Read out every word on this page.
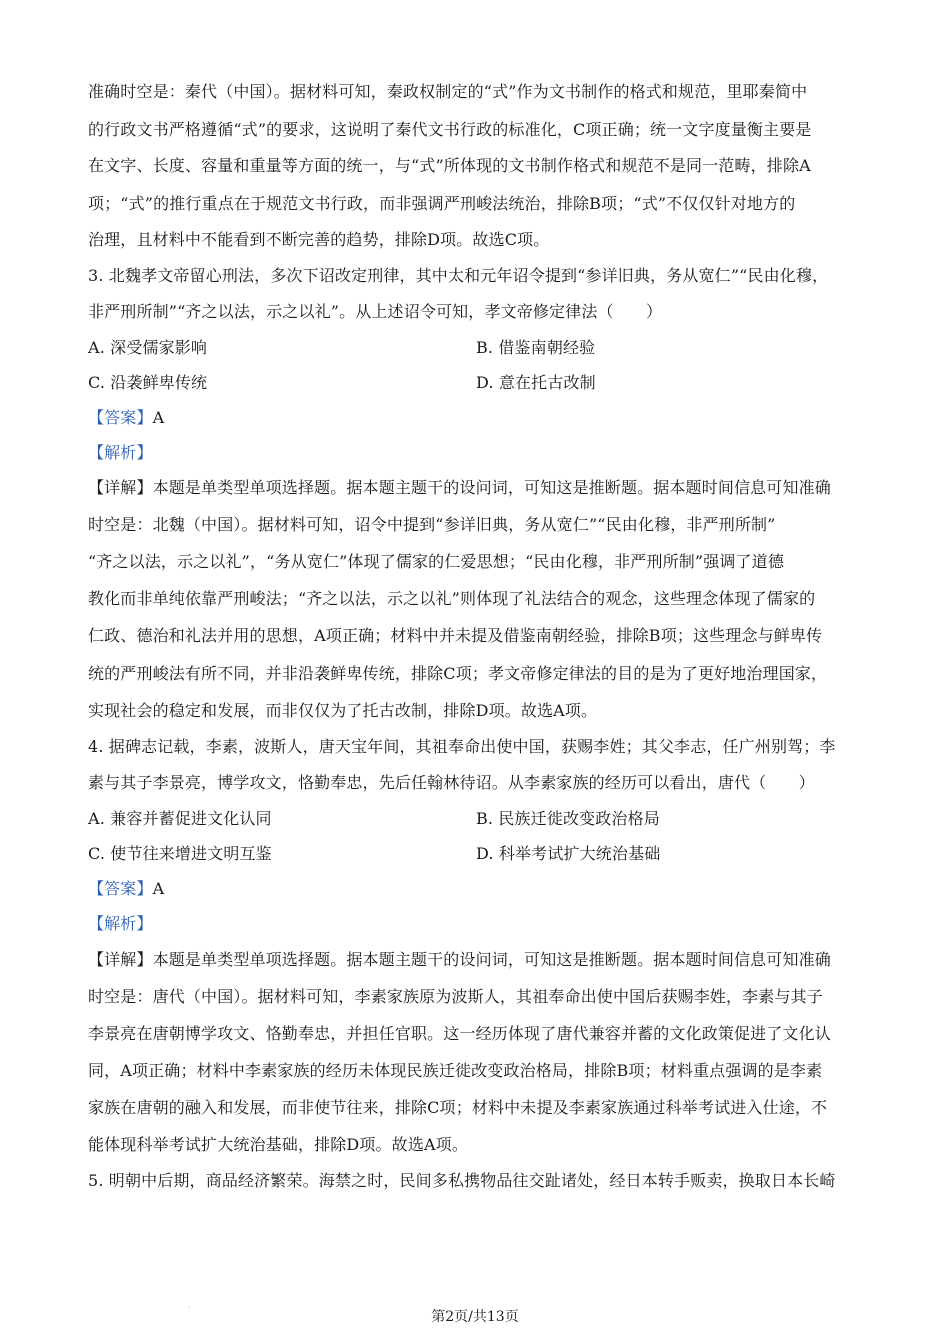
准确时空是：秦代（中国）。据材料可知，秦政权制定的“式”作为文书制作的格式和规范，里耶秦简中
的行政文书严格遵循“式”的要求，这说明了秦代文书行政的标准化，C项正确；统一文字度量衡主要是
在文字、长度、容量和重量等方面的统一，与“式”所体现的文书制作格式和规范不是同一范畴，排除A
项；“式”的推行重点在于规范文书行政，而非强调严刑峻法统治，排除B项；“式”不仅仅针对地方的
治理，且材料中不能看到不断完善的趋势，排除D项。故选C项。
3. 北魏孝文帝留心刑法，多次下诏改定刑律，其中太和元年诏令提到“参详旧典，务从宽仁”“民由化穆，
非严刑所制”“齐之以法，示之以礼”。从上述诏令可知，孝文帝修定律法（　　）
A. 深受儒家影响	B. 借鉴南朝经验
C. 沿袭鲜卑传统	D. 意在托古改制
【答案】A
【解析】
【详解】本题是单类型单项选择题。据本题主题干的设问词，可知这是推断题。据本题时间信息可知准确
时空是：北魏（中国）。据材料可知，诏令中提到“参详旧典，务从宽仁”“民由化穆，非严刑所制”
“齐之以法，示之以礼”，“务从宽仁”体现了儒家的仁爱思想；“民由化穆，非严刑所制”强调了道德
教化而非单纯依靠严刑峻法；“齐之以法，示之以礼”则体现了礼法结合的观念，这些理念体现了儒家的
仁政、德治和礼法并用的思想，A项正确；材料中并未提及借鉴南朝经验，排除B项；这些理念与鲜卑传
统的严刑峻法有所不同，并非沿袭鲜卑传统，排除C项；孝文帝修定律法的目的是为了更好地治理国家，
实现社会的稳定和发展，而非仅仅为了托古改制，排除D项。故选A项。
4. 据碑志记载，李素，波斯人，唐天宝年间，其祖奉命出使中国，获赐李姓；其父李志，任广州别驾；李
素与其子李景亮，博学攻文，恪勤奉忠，先后任翰林待诏。从李素家族的经历可以看出，唐代（　　）
A. 兼容并蓄促进文化认同	B. 民族迁徙改变政治格局
C. 使节往来增进文明互鉴	D. 科举考试扩大统治基础
【答案】A
【解析】
【详解】本题是单类型单项选择题。据本题主题干的设问词，可知这是推断题。据本题时间信息可知准确
时空是：唐代（中国）。据材料可知，李素家族原为波斯人，其祖奉命出使中国后获赐李姓，李素与其子
李景亮在唐朝博学攻文、恪勤奉忠，并担任官职。这一经历体现了唐代兼容并蓄的文化政策促进了文化认
同，A项正确；材料中李素家族的经历未体现民族迁徙改变政治格局，排除B项；材料重点强调的是李素
家族在唐朝的融入和发展，而非使节往来，排除C项；材料中未提及李素家族通过科举考试进入仕途，不
能体现科举考试扩大统治基础，排除D项。故选A项。
5. 明朝中后期，商品经济繁荣。海禁之时，民间多私携物品往交趾诸处，经日本转手贩卖，换取日本长崎
·
第2页/共13页
